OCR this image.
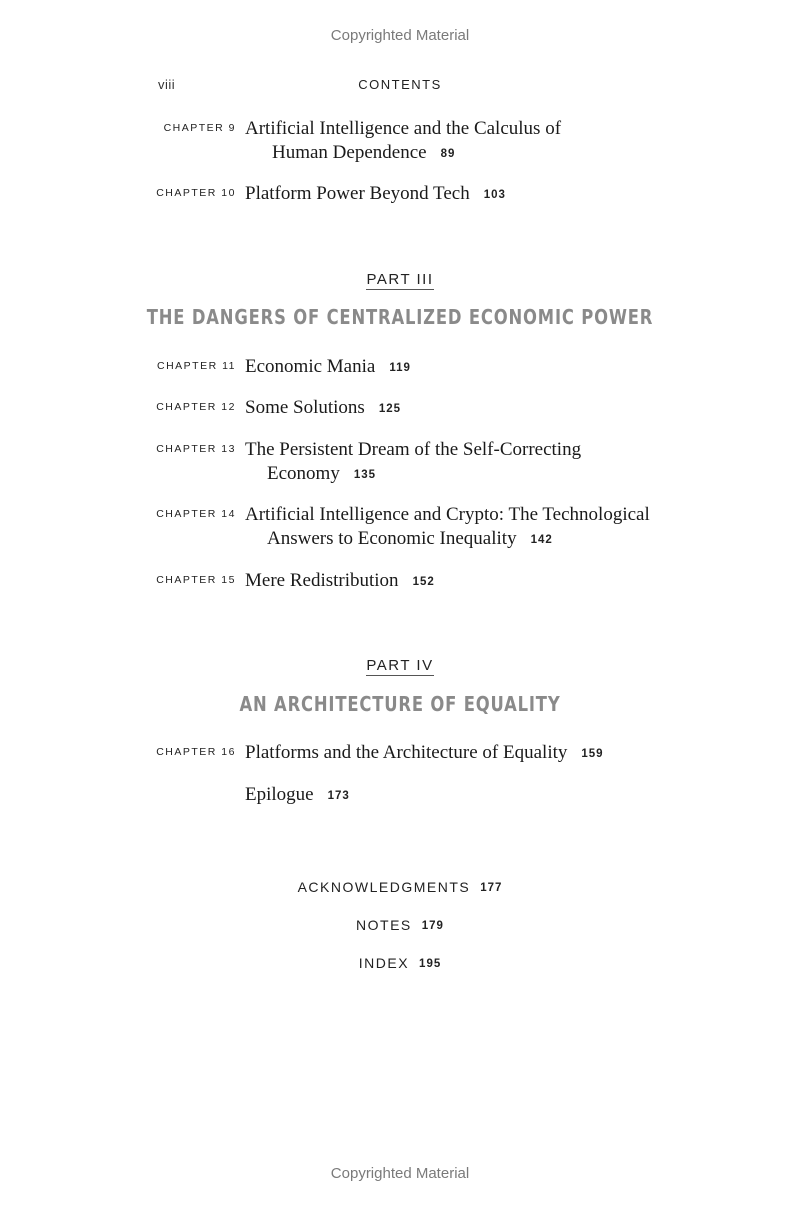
Copyrighted Material
viii	CONTENTS
CHAPTER 9 Artificial Intelligence and the Calculus of
Human Dependence 89
CHAPTER 10 Platform Power Beyond Tech 103
PART III
THE DANGERS OF CENTRALIZED ECONOMIC POWER
CHAPTER 11 Economic Mania 119
CHAPTER 12 Some Solutions 125
CHAPTER 13 The Persistent Dream of the Self-Correcting
Economy 135
CHAPTER 14 Artificial Intelligence and Crypto: The Technological
Answers to Economic Inequality 142
CHAPTER 15 Mere Redistribution 152
PART IV
AN ARCHITECTURE OF EQUALITY
CHAPTER 16 Platforms and the Architecture of Equality 159
Epilogue 173
ACKNOWLEDGMENTS 177
NOTES 179
INDEX 195
Copyrighted Material
